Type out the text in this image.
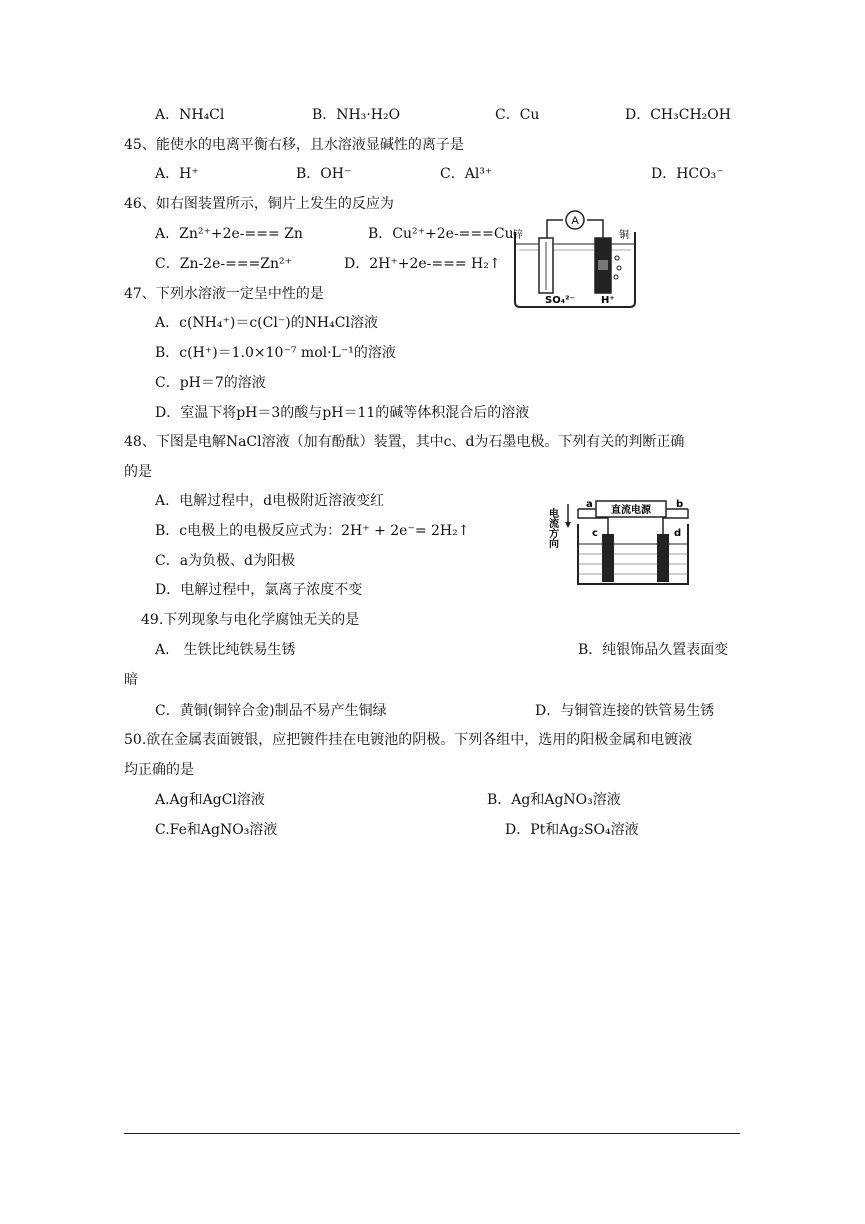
A．NH₄Cl	B．NH₃·H₂O	C．Cu	D．CH₃CH₂OH
45、能使水的电离平衡右移，且水溶液显碱性的离子是
A．H⁺	B．OH⁻	C．Al³⁺	D．HCO₃⁻
46、如右图装置所示，铜片上发生的反应为
A．Zn²⁺+2e-=== Zn	B．Cu²⁺+2e-===Cu
C．Zn-2e-===Zn²⁺	D．2H⁺+2e-=== H₂↑
A
锌	铜
SO₄²⁻	H⁺
47、下列水溶液一定呈中性的是
A．c(NH₄⁺)＝c(Cl⁻)的NH₄Cl溶液
B．c(H⁺)＝1.0×10⁻⁷ mol·L⁻¹的溶液
C．pH＝7的溶液
D．室温下将pH＝3的酸与pH＝11的碱等体积混合后的溶液
48、下图是电解NaCl溶液（加有酚酞）装置，其中c、d为石墨电极。下列有关的判断正确
的是
A．电解过程中，d电极附近溶液变红
B．c电极上的电极反应式为：2H⁺ + 2e⁻= 2H₂↑
C．a为负极、d为阳极
D．电解过程中，氯离子浓度不变
电流方向	直流电源
a	b
c	d
49.下列现象与电化学腐蚀无关的是
A． 生铁比纯铁易生锈	B．纯银饰品久置表面变
暗
C．黄铜(铜锌合金)制品不易产生铜绿	D．与铜管连接的铁管易生锈
50.欲在金属表面镀银，应把镀件挂在电镀池的阴极。下列各组中，选用的阳极金属和电镀液
均正确的是
A.Ag和AgCl溶液	B．Ag和AgNO₃溶液
C.Fe和AgNO₃溶液	D．Pt和Ag₂SO₄溶液
